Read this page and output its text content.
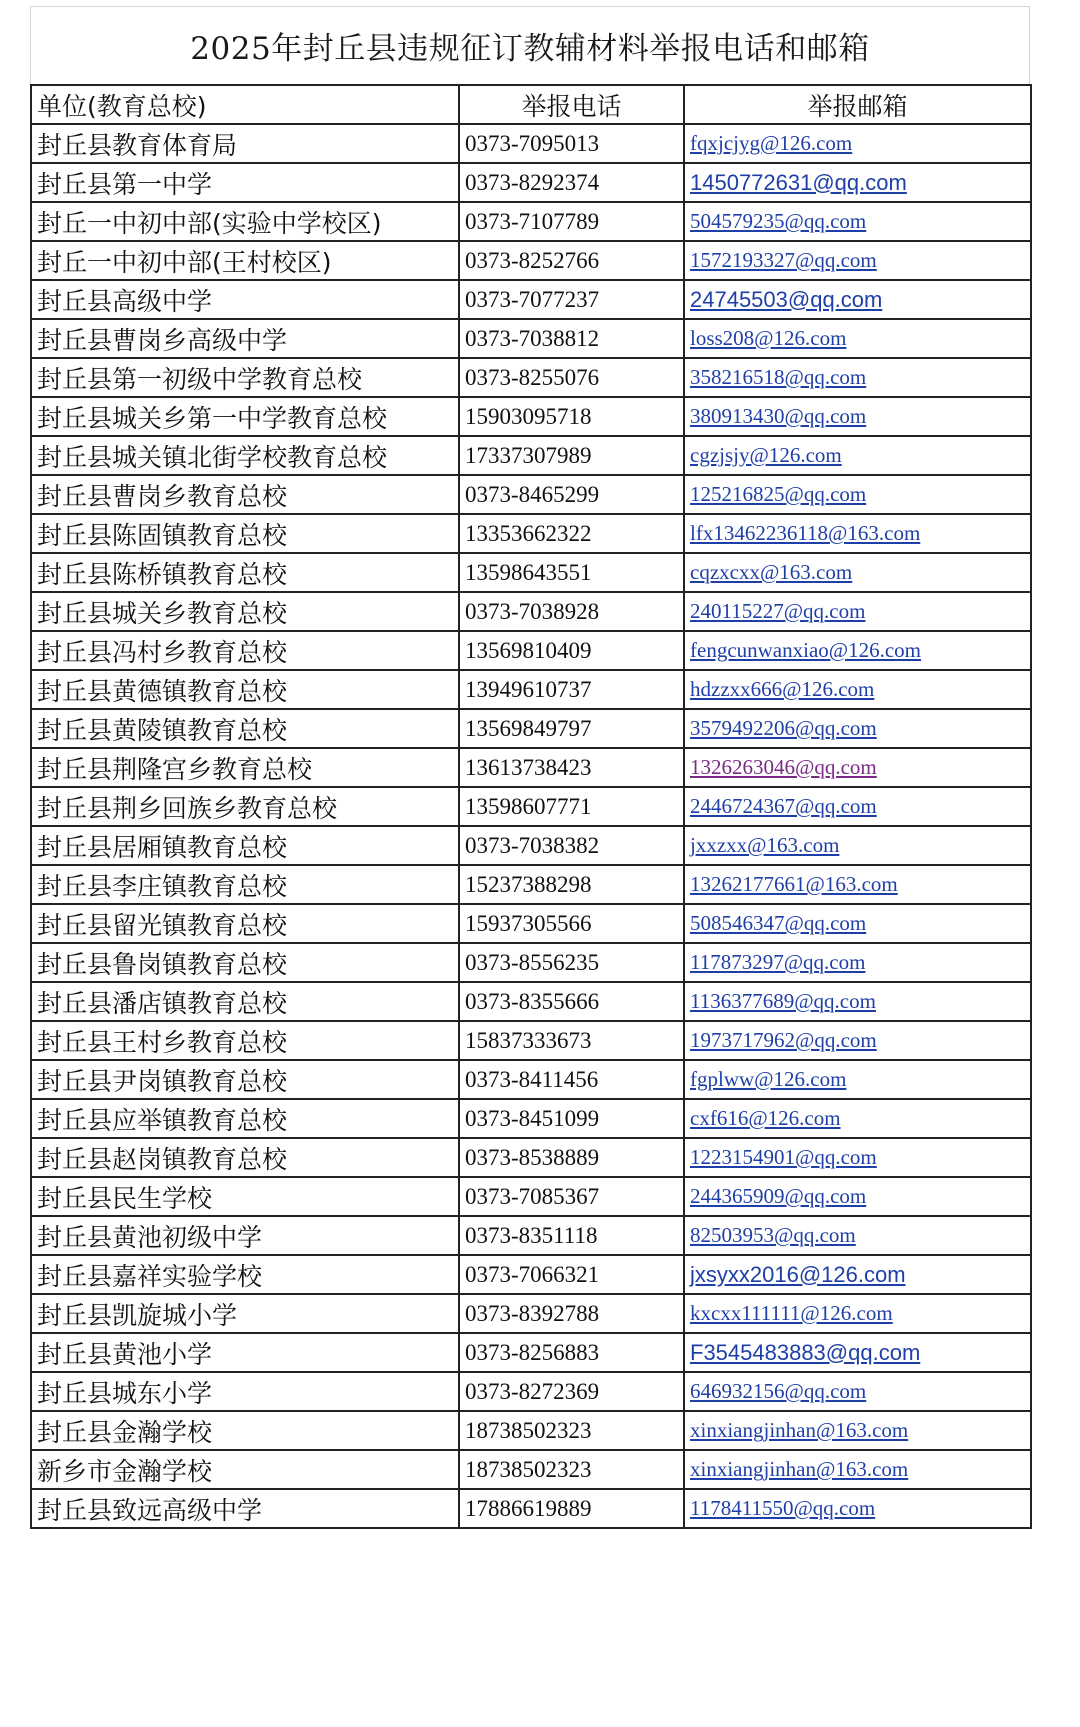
2025年封丘县违规征订教辅材料举报电话和邮箱
单位(教育总校)	举报电话	举报邮箱
封丘县教育体育局	0373-7095013	fqxjcjyg@126.com
封丘县第一中学	0373-8292374	1450772631@qq.com
封丘一中初中部(实验中学校区)	0373-7107789	504579235@qq.com
封丘一中初中部(王村校区)	0373-8252766	1572193327@qq.com
封丘县高级中学	0373-7077237	24745503@qq.com
封丘县曹岗乡高级中学	0373-7038812	loss208@126.com
封丘县第一初级中学教育总校	0373-8255076	358216518@qq.com
封丘县城关乡第一中学教育总校	15903095718	380913430@qq.com
封丘县城关镇北街学校教育总校	17337307989	cgzjsjy@126.com
封丘县曹岗乡教育总校	0373-8465299	125216825@qq.com
封丘县陈固镇教育总校	13353662322	lfx13462236118@163.com
封丘县陈桥镇教育总校	13598643551	cqzxcxx@163.com
封丘县城关乡教育总校	0373-7038928	240115227@qq.com
封丘县冯村乡教育总校	13569810409	fengcunwanxiao@126.com
封丘县黄德镇教育总校	13949610737	hdzzxx666@126.com
封丘县黄陵镇教育总校	13569849797	3579492206@qq.com
封丘县荆隆宫乡教育总校	13613738423	1326263046@qq.com
封丘县荆乡回族乡教育总校	13598607771	2446724367@qq.com
封丘县居厢镇教育总校	0373-7038382	jxxzxx@163.com
封丘县李庄镇教育总校	15237388298	13262177661@163.com
封丘县留光镇教育总校	15937305566	508546347@qq.com
封丘县鲁岗镇教育总校	0373-8556235	117873297@qq.com
封丘县潘店镇教育总校	0373-8355666	1136377689@qq.com
封丘县王村乡教育总校	15837333673	1973717962@qq.com
封丘县尹岗镇教育总校	0373-8411456	fgplww@126.com
封丘县应举镇教育总校	0373-8451099	cxf616@126.com
封丘县赵岗镇教育总校	0373-8538889	1223154901@qq.com
封丘县民生学校	0373-7085367	244365909@qq.com
封丘县黄池初级中学	0373-8351118	82503953@qq.com
封丘县嘉祥实验学校	0373-7066321	jxsyxx2016@126.com
封丘县凯旋城小学	0373-8392788	kxcxx111111@126.com
封丘县黄池小学	0373-8256883	F3545483883@qq.com
封丘县城东小学	0373-8272369	646932156@qq.com
封丘县金瀚学校	18738502323	xinxiangjinhan@163.com
新乡市金瀚学校	18738502323	xinxiangjinhan@163.com
封丘县致远高级中学	17886619889	1178411550@qq.com
